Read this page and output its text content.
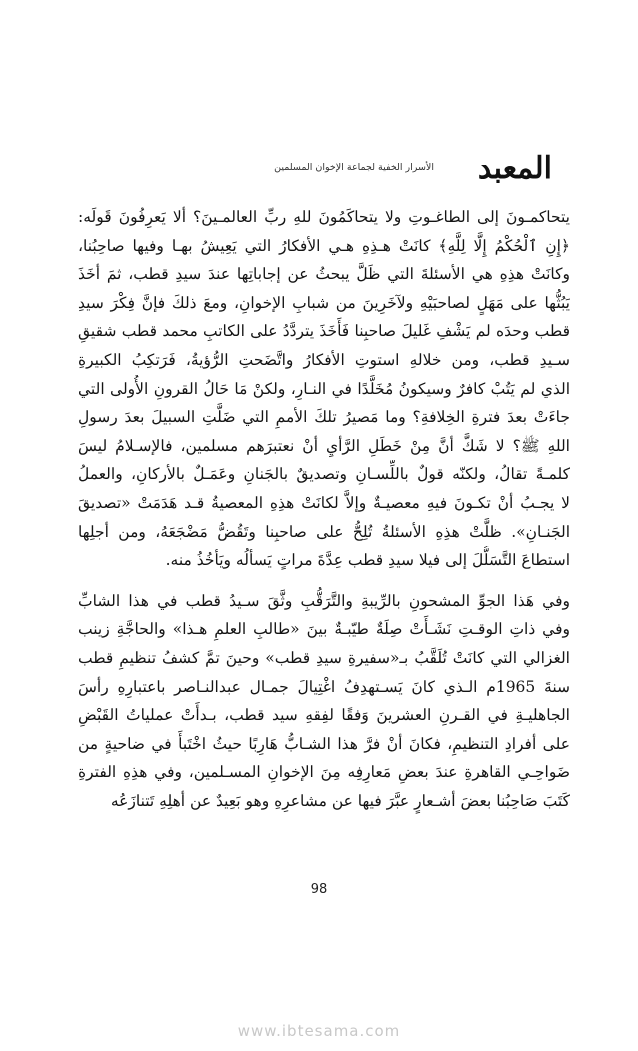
المعبد
الأسرار الخفية لجماعة الإخوان المسلمين
يتحاكمـونَ إلى الطاغـوتِ ولا يتحاكَمُونَ للهِ ربِّ العالمـينَ؟ ألا يَعرِفُونَ قَولَه:
﴿إِنِ ٱلْحُكْمُ إِلَّا لِلَّهِ﴾ كانَتْ هـذِهِ هـي الأفكارُ التي يَعِيشُ بهـا وفيها صاحِبُنا،
وكانَتْ هذِهِ هي الأسئلةَ التي ظَلَّ يبحثُ عن إجاباتِها عندَ سيدِ قطب، ثمَ أخَذَ
يَبُثُّها على مَهَلٍ لصاحبَيْهِ ولآخَرِينَ من شبابِ الإخوانِ، ومعَ ذلكَ فإنَّ فِكْرَ سيدِ
قطب وحدَه لم يَشْفِ غَليلَ صاحبِنا فَأَخَذَ يتردَّدُ على الكاتبِ محمد قطب شقيقِ
سـيدِ قطب، ومن خلالهِ استوتِ الأفكارُ واتَّضَحتِ الرُّؤيةُ، فَرَتكِبُ الكبيرةِ
الذي لم يَتُبْ كافرٌ وسيكونُ مُخَلَّدًا في النـارِ، ولكنْ مَا حَالُ القرونِ الأُولى التي
جاءَتْ بعدَ فترةِ الخِلافةِ؟ وما مَصيرُ تلكَ الأممِ التي ضَلَّتِ السبيلَ بعدَ رسولِ
اللهِ ﷺ؟ لا شَكَّ أنَّ مِنْ خَطَلِ الرَّأيِ أنْ نعتبرَهم مسلمين، فالإسـلامُ ليسَ
كلمـةً تقالُ، ولكنّه قولٌ باللِّسـانِ وتصديقٌ بالجَنانِ وعَمَـلٌ بالأركانِ، والعملُ
لا يجـبُ أنْ تكـونَ فيهِ معصيـةٌ وإلاَّ لكانَتْ هذِهِ المعصيةُ قـد هَدَمَتْ «تصديقَ
الجَنـانِ». ظلَّتْ هذِهِ الأسئلةُ تُلِحُّ على صاحبِنا وتَقُضُّ مَضْجَعَهُ، ومن أجلِها
استطاعَ التَّسَلُّلَ إلى فيلا سيدِ قطب عِدَّةَ مراتٍ يَسألُه ويَأخُذُ منه.
وفي هَذا الجوِّ المشحونِ بالرِّيبةِ والتَّرَقُّبِ وثَّقَ سـيدُ قطب في هذا الشابِّ
وفي ذاتِ الوقـتِ نَشَـأَتْ صِلَةٌ طيّبـةٌ بينَ «طالبِ العلمِ هـذا» والحاجَّةِ زينب
الغزالي التي كانَتْ تُلَقَّبُ بـ«سفيرةِ سيدِ قطب» وحينَ تمَّ كشفُ تنظيمِ قطب
سنةَ 1965م الـذي كانَ يَسـتهدِفُ اغْتِيالَ جمـال عبدالنـاصر باعتبارِهِ رأسَ
الجاهليـةِ في القـرنِ العشرينَ وَفقًا لفِقهِ سيد قطب، بـدأَتْ عملياتُ القَبْضِ
على أفرادِ التنظيمِ، فكانَ أنْ فرَّ هذا الشـابُّ هَارِبًا حيثُ اخْتَبأَ في ضاحيةٍ من
ضَواحِـي القاهرةِ عندَ بعضِ مَعارِفِه مِنَ الإخوانِ المسـلمين، وفي هذِهِ الفترةِ
كَتَبَ صَاحِبُنا بعضَ أشـعارٍ عبَّرَ فيها عن مشاعرِهِ وهو بَعِيدٌ عن أهلِهِ تَتنازَعُه
98
www.ibtesama.com
